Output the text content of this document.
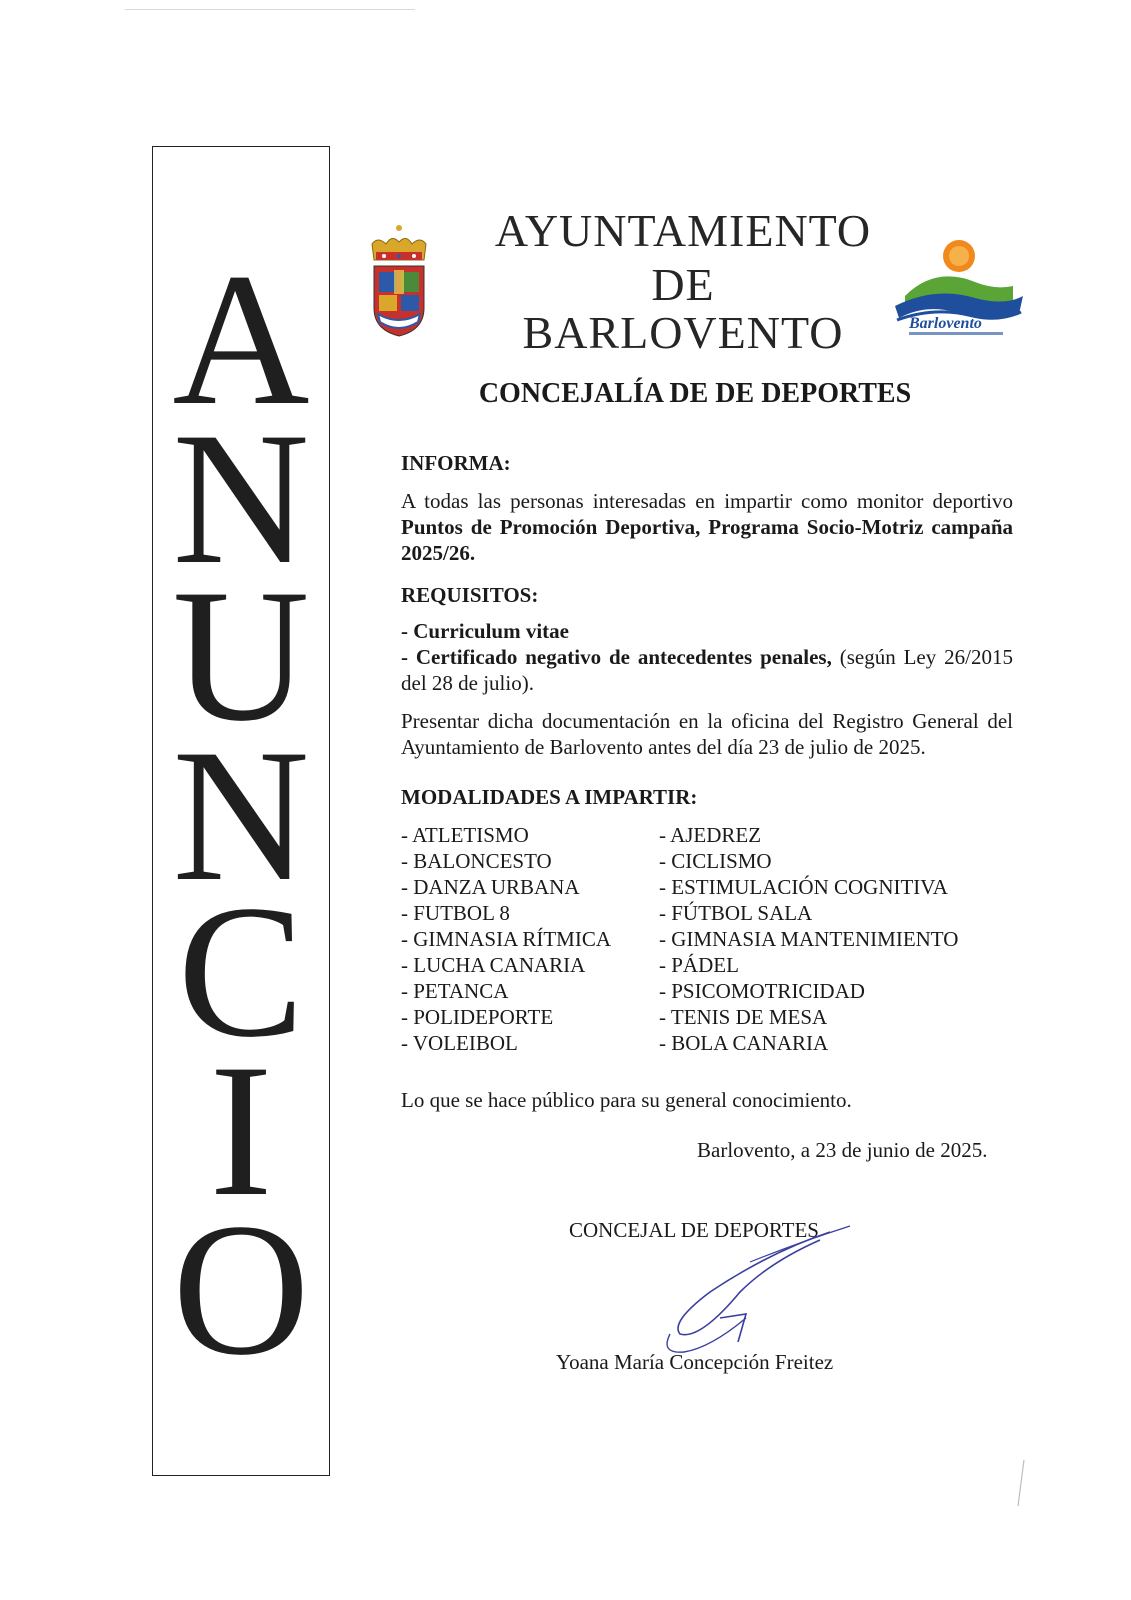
A
N
U
N
C
I
O
AYUNTAMIENTO
DE
BARLOVENTO	Barlovento
CONCEJALÍA DE DE DEPORTES

INFORMA:

A todas las personas interesadas en impartir como monitor deportivo Puntos de Promoción Deportiva, Programa Socio-Motriz campaña 2025/26.

REQUISITOS:

- Curriculum vitae

- Certificado negativo de antecedentes penales, (según Ley 26/2015 del 28 de julio).

Presentar dicha documentación en la oficina del Registro General del Ayuntamiento de Barlovento antes del día 23 de julio de 2025.

MODALIDADES A IMPARTIR:

- ATLETISMO
- BALONCESTO
- DANZA URBANA
- FUTBOL 8
- GIMNASIA RÍTMICA
- LUCHA CANARIA
- PETANCA
- POLIDEPORTE
- VOLEIBOL
- AJEDREZ
- CICLISMO
- ESTIMULACIÓN COGNITIVA
- FÚTBOL SALA
- GIMNASIA MANTENIMIENTO
- PÁDEL
- PSICOMOTRICIDAD
- TENIS DE MESA
- BOLA CANARIA
Lo que se hace público para su general conocimiento.
Barlovento, a 23 de junio de 2025.
CONCEJAL DE DEPORTES
Yoana María Concepción Freitez
